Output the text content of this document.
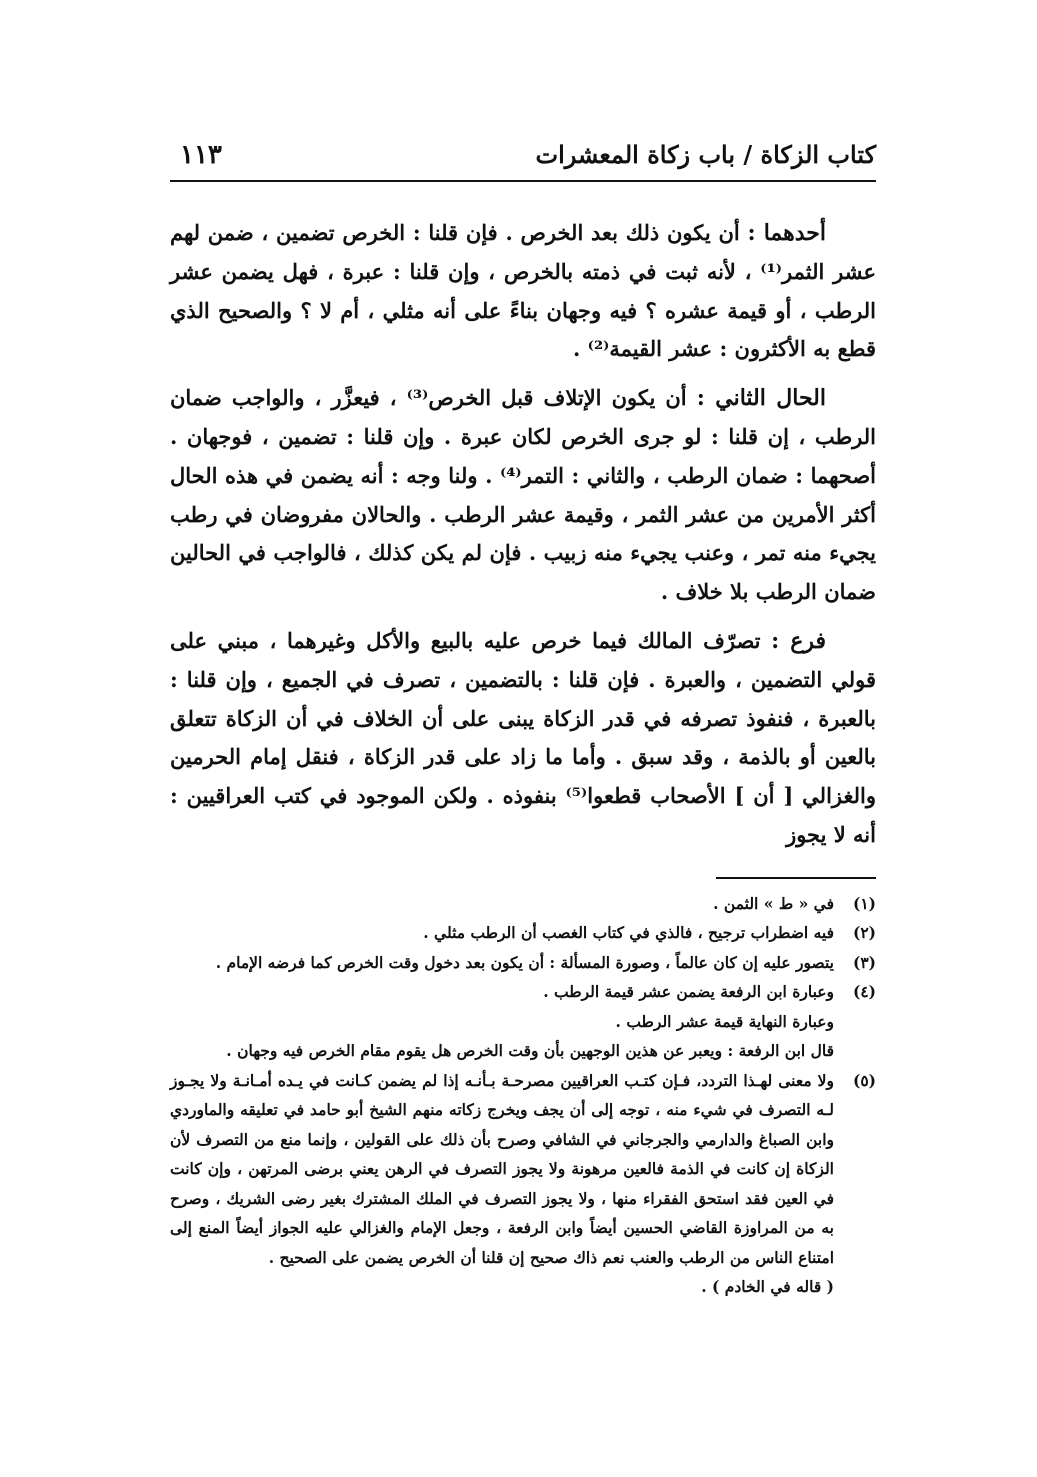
كتاب الزكاة / باب زكاة المعشرات
١١٣

أحدهما : أن يكون ذلك بعد الخرص . فإن قلنا : الخرص تضمين ، ضمن لهم عشر الثمر⁽¹⁾ ، لأنه ثبت في ذمته بالخرص ، وإن قلنا : عبرة ، فهل يضمن عشر الرطب ، أو قيمة عشره ؟ فيه وجهان بناءً على أنه مثلي ، أم لا ؟ والصحيح الذي قطع به الأكثرون : عشر القيمة⁽²⁾ .

الحال الثاني : أن يكون الإتلاف قبل الخرص⁽³⁾ ، فيعزَّر ، والواجب ضمان الرطب ، إن قلنا : لو جرى الخرص لكان عبرة . وإن قلنا : تضمين ، فوجهان . أصحهما : ضمان الرطب ، والثاني : التمر⁽⁴⁾ . ولنا وجه : أنه يضمن في هذه الحال أكثر الأمرين من عشر الثمر ، وقيمة عشر الرطب . والحالان مفروضان في رطب يجيء منه تمر ، وعنب يجيء منه زبيب . فإن لم يكن كذلك ، فالواجب في الحالين ضمان الرطب بلا خلاف .

فرع : تصرّف المالك فيما خرص عليه بالبيع والأكل وغيرهما ، مبني على قولي التضمين ، والعبرة . فإن قلنا : بالتضمين ، تصرف في الجميع ، وإن قلنا : بالعبرة ، فنفوذ تصرفه في قدر الزكاة يبنى على أن الخلاف في أن الزكاة تتعلق بالعين أو بالذمة ، وقد سبق . وأما ما زاد على قدر الزكاة ، فنقل إمام الحرمين والغزالي [ أن ] الأصحاب قطعوا⁽⁵⁾ بنفوذه . ولكن الموجود في كتب العراقيين : أنه لا يجوز

(١)
في « ط » الثمن .
(٢)
فيه اضطراب ترجيح ، فالذي في كتاب الغصب أن الرطب مثلي .
(٣)
يتصور عليه إن كان عالماً ، وصورة المسألة : أن يكون بعد دخول وقت الخرص كما فرضه الإمام .
(٤)
وعبارة ابن الرفعة يضمن عشر قيمة الرطب .
وعبارة النهاية قيمة عشر الرطب .
قال ابن الرفعة : ويعبر عن هذين الوجهين بأن وقت الخرص هل يقوم مقام الخرص فيه وجهان .
(٥)
ولا معنى لهـذا التردد، فـإن كتـب العراقيين مصرحـة بـأنـه إذا لم يضمن كـانت في يـده أمـانـة ولا يجـوز لـه التصرف في شيء منه ، توجه إلى أن يجف ويخرج زكاته منهم الشيخ أبو حامد في تعليقه والماوردي وابن الصباغ والدارمي والجرجاني في الشافي وصرح بأن ذلك على القولين ، وإنما منع من التصرف لأن الزكاة إن كانت في الذمة فالعين مرهونة ولا يجوز التصرف في الرهن يعني برضى المرتهن ، وإن كانت في العين فقد استحق الفقراء منها ، ولا يجوز التصرف في الملك المشترك بغير رضى الشريك ، وصرح به من المراوزة القاضي الحسين أيضاً وابن الرفعة ، وجعل الإمام والغزالي عليه الجواز أيضاً المنع إلى امتناع الناس من الرطب والعنب نعم ذاك صحيح إن قلنا أن الخرص يضمن على الصحيح .
( قاله في الخادم ) .
